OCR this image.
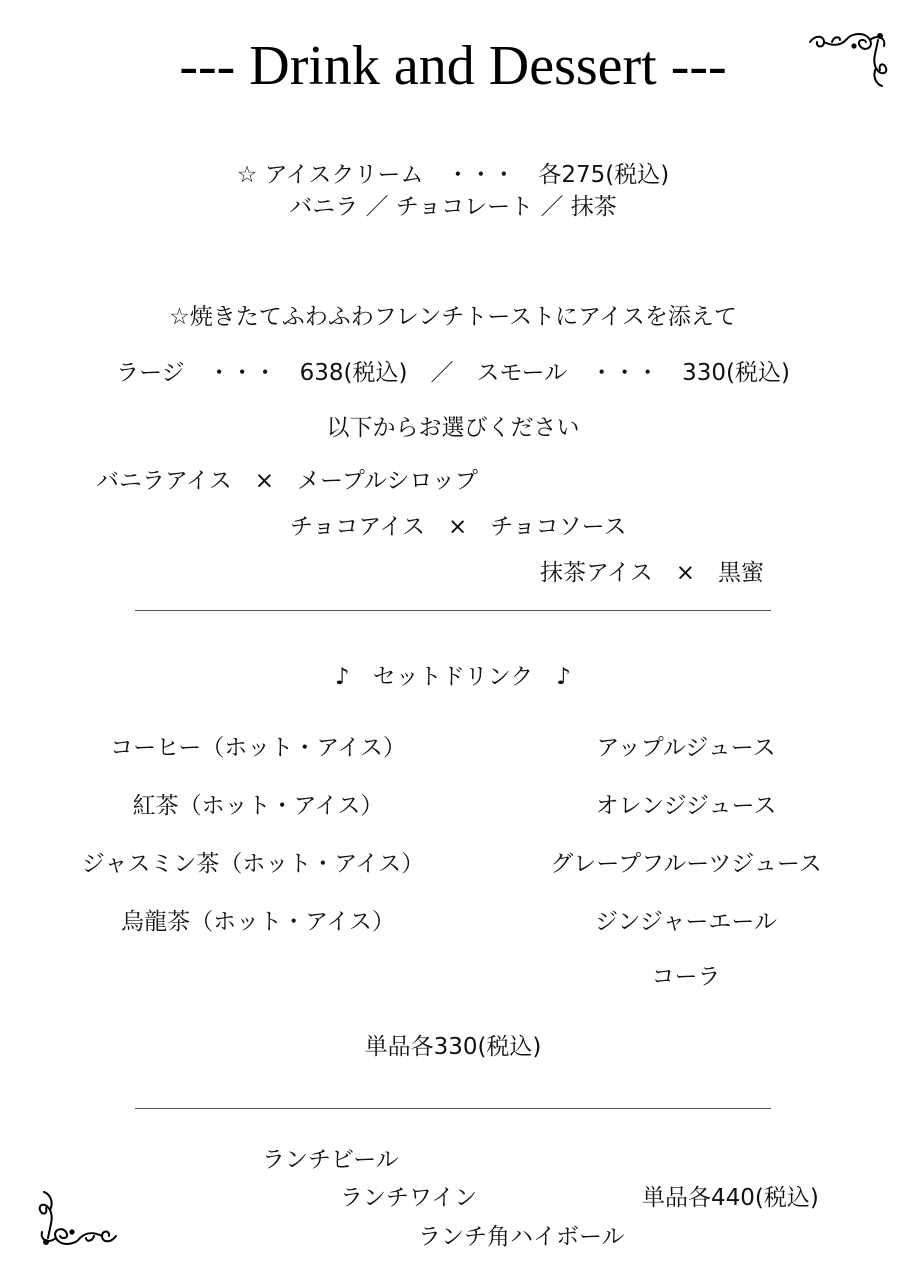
--- Drink and Dessert ---
☆ アイスクリーム　・・・　各275(税込)
バニラ ／ チョコレート ／ 抹茶
☆焼きたてふわふわフレンチトーストにアイスを添えて
ラージ　・・・　638(税込)　／　スモール　・・・　330(税込)
以下からお選びください
バニラアイス　×　メープルシロップ
チョコアイス　×　チョコソース
抹茶アイス　×　黒蜜
♪　セットドリンク　♪
コーヒー（ホット・アイス）
紅茶（ホット・アイス）
ジャスミン茶（ホット・アイス）
烏龍茶（ホット・アイス）
アップルジュース
オレンジジュース
グレープフルーツジュース
ジンジャーエール
コーラ
単品各330(税込)
ランチビール
ランチワイン
ランチ角ハイボール
単品各440(税込)
